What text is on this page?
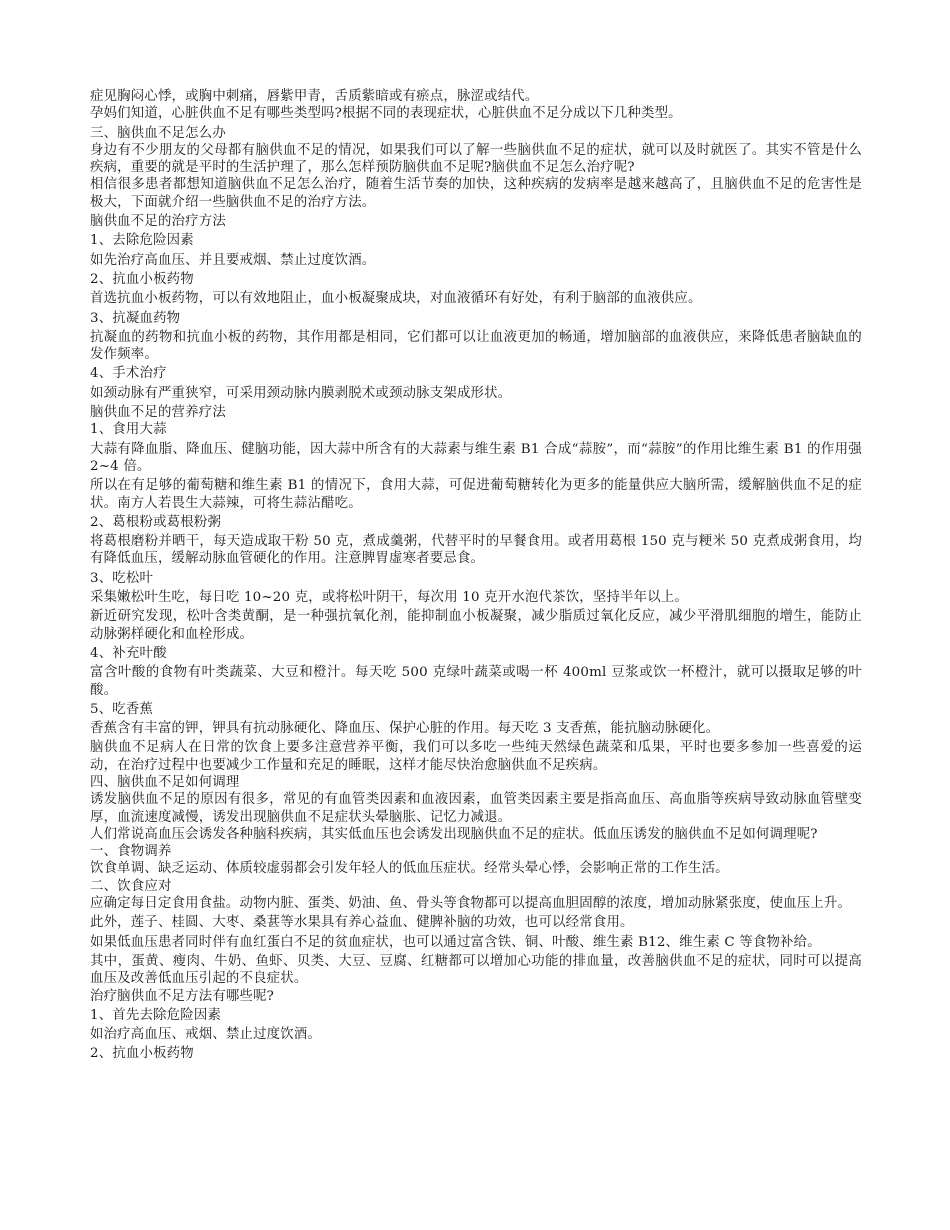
症见胸闷心悸，或胸中刺痛，唇紫甲青，舌质紫暗或有瘀点，脉涩或结代。

孕妈们知道，心脏供血不足有哪些类型吗?根据不同的表现症状，心脏供血不足分成以下几种类型。

三、脑供血不足怎么办

身边有不少朋友的父母都有脑供血不足的情况，如果我们可以了解一些脑供血不足的症状，就可以及时就医了。其实不管是什么疾病，重要的就是平时的生活护理了，那么怎样预防脑供血不足呢?脑供血不足怎么治疗呢?

相信很多患者都想知道脑供血不足怎么治疗，随着生活节奏的加快，这种疾病的发病率是越来越高了，且脑供血不足的危害性是极大，下面就介绍一些脑供血不足的治疗方法。

脑供血不足的治疗方法

1、去除危险因素

如先治疗高血压、并且要戒烟、禁止过度饮酒。

2、抗血小板药物

首选抗血小板药物，可以有效地阻止，血小板凝聚成块，对血液循环有好处，有利于脑部的血液供应。

3、抗凝血药物

抗凝血的药物和抗血小板的药物，其作用都是相同，它们都可以让血液更加的畅通，增加脑部的血液供应，来降低患者脑缺血的发作频率。

4、手术治疗

如颈动脉有严重狭窄，可采用颈动脉内膜剥脱术或颈动脉支架成形状。

脑供血不足的营养疗法

1、食用大蒜

大蒜有降血脂、降血压、健脑功能，因大蒜中所含有的大蒜素与维生素 B1 合成“蒜胺”，而“蒜胺”的作用比维生素 B1 的作用强 2~4 倍。

所以在有足够的葡萄糖和维生素 B1 的情况下，食用大蒜，可促进葡萄糖转化为更多的能量供应大脑所需，缓解脑供血不足的症状。南方人若畏生大蒜辣，可将生蒜沾醋吃。

2、葛根粉或葛根粉粥

将葛根磨粉并晒干，每天造成取干粉 50 克，煮成羹粥，代替平时的早餐食用。或者用葛根 150 克与粳米 50 克煮成粥食用，均有降低血压，缓解动脉血管硬化的作用。注意脾胃虚寒者要忌食。

3、吃松叶

采集嫩松叶生吃，每日吃 10~20 克，或将松叶阴干，每次用 10 克开水泡代茶饮，坚持半年以上。

新近研究发现，松叶含类黄酮，是一种强抗氧化剂，能抑制血小板凝聚，减少脂质过氧化反应，减少平滑肌细胞的增生，能防止动脉粥样硬化和血栓形成。

4、补充叶酸

富含叶酸的食物有叶类蔬菜、大豆和橙汁。每天吃 500 克绿叶蔬菜或喝一杯 400ml 豆浆或饮一杯橙汁，就可以摄取足够的叶酸。

5、吃香蕉

香蕉含有丰富的钾，钾具有抗动脉硬化、降血压、保护心脏的作用。每天吃 3 支香蕉，能抗脑动脉硬化。

脑供血不足病人在日常的饮食上要多注意营养平衡，我们可以多吃一些纯天然绿色蔬菜和瓜果，平时也要多参加一些喜爱的运动，在治疗过程中也要减少工作量和充足的睡眠，这样才能尽快治愈脑供血不足疾病。

四、脑供血不足如何调理

诱发脑供血不足的原因有很多，常见的有血管类因素和血液因素，血管类因素主要是指高血压、高血脂等疾病导致动脉血管壁变厚，血流速度减慢，诱发出现脑供血不足症状头晕脑胀、记忆力减退。

人们常说高血压会诱发各种脑科疾病，其实低血压也会诱发出现脑供血不足的症状。低血压诱发的脑供血不足如何调理呢?

一、食物调养

饮食单调、缺乏运动、体质较虚弱都会引发年轻人的低血压症状。经常头晕心悸，会影响正常的工作生活。

二、饮食应对

应确定每日定食用食盐。动物内脏、蛋类、奶油、鱼、骨头等食物都可以提高血胆固醇的浓度，增加动脉紧张度，使血压上升。

此外，莲子、桂圆、大枣、桑葚等水果具有养心益血、健脾补脑的功效，也可以经常食用。

如果低血压患者同时伴有血红蛋白不足的贫血症状，也可以通过富含铁、铜、叶酸、维生素 B12、维生素 C 等食物补给。

其中，蛋黄、瘦肉、牛奶、鱼虾、贝类、大豆、豆腐、红糖都可以增加心功能的排血量，改善脑供血不足的症状，同时可以提高血压及改善低血压引起的不良症状。

治疗脑供血不足方法有哪些呢?

1、首先去除危险因素

如治疗高血压、戒烟、禁止过度饮酒。

2、抗血小板药物
